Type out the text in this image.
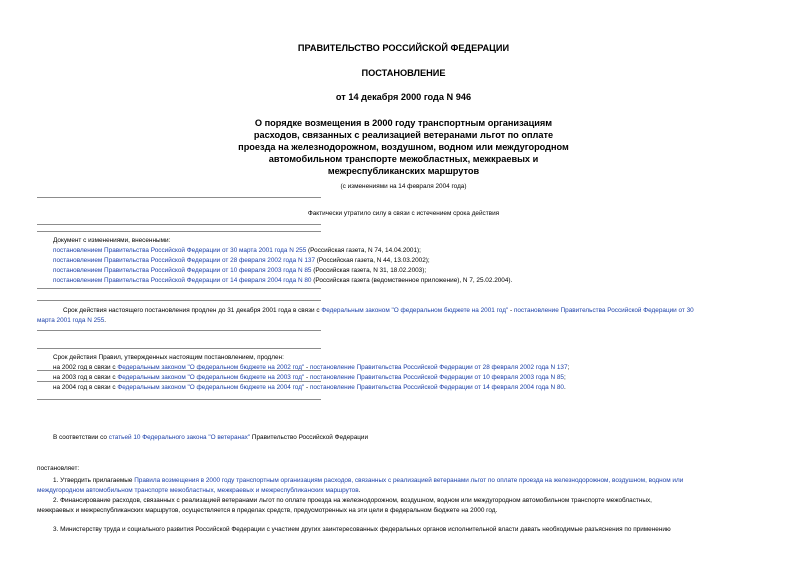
ПРАВИТЕЛЬСТВО РОССИЙСКОЙ ФЕДЕРАЦИИ
ПОСТАНОВЛЕНИЕ
от 14 декабря 2000 года N 946
О порядке возмещения в 2000 году транспортным организациям
расходов, связанных с реализацией ветеранами льгот по оплате
проезда на железнодорожном, воздушном, водном или междугородном
автомобильном транспорте межобластных, межкраевых и
межреспубликанских маршрутов
(с изменениями на 14 февраля 2004 года)
Фактически утратило силу в связи с истечением срока действия
Документ с изменениями, внесенными:
постановлением Правительства Российской Федерации от 30 марта 2001 года N 255 (Российская газета, N 74, 14.04.2001);
постановлением Правительства Российской Федерации от 28 февраля 2002 года N 137 (Российская газета, N 44, 13.03.2002);
постановлением Правительства Российской Федерации от 10 февраля 2003 года N 85 (Российская газета, N 31, 18.02.2003);
постановлением Правительства Российской Федерации от 14 февраля 2004 года N 80 (Российская газета (ведомственное приложение), N 7, 25.02.2004).
Срок действия настоящего постановления продлен до 31 декабря 2001 года в связи с Федеральным законом "О федеральном бюджете на 2001 год" - постановление Правительства Российской Федерации от 30
марта 2001 года N 255.
Срок действия Правил, утвержденных настоящим постановлением, продлен:
на 2002 год в связи с Федеральным законом "О федеральном бюджете на 2002 год" - постановление Правительства Российской Федерации от 28 февраля 2002 года N 137;
на 2003 год в связи с Федеральным законом "О федеральном бюджете на 2003 год" - постановление Правительства Российской Федерации от 10 февраля 2003 года N 85;
на 2004 год в связи с Федеральным законом "О федеральном бюджете на 2004 год" - постановление Правительства Российской Федерации от 14 февраля 2004 года N 80.
В соответствии со статьей 10 Федерального закона "О ветеранах" Правительство Российской Федерации
постановляет:
1. Утвердить прилагаемые Правила возмещения в 2000 году транспортным организациям расходов, связанных с реализацией ветеранами льгот по оплате проезда на железнодорожном, воздушном, водном или
междугородном автомобильном транспорте межобластных, межкраевых и межреспубликанских маршрутов.
2. Финансирование расходов, связанных с реализацией ветеранами льгот по оплате проезда на железнодорожном, воздушном, водном или междугородном автомобильном транспорте межобластных,
межкраевых и межреспубликанских маршрутов, осуществляется в пределах средств, предусмотренных на эти цели в федеральном бюджете на 2000 год.
3. Министерству труда и социального развития Российской Федерации с участием других заинтересованных федеральных органов исполнительной власти давать необходимые разъяснения по применению
